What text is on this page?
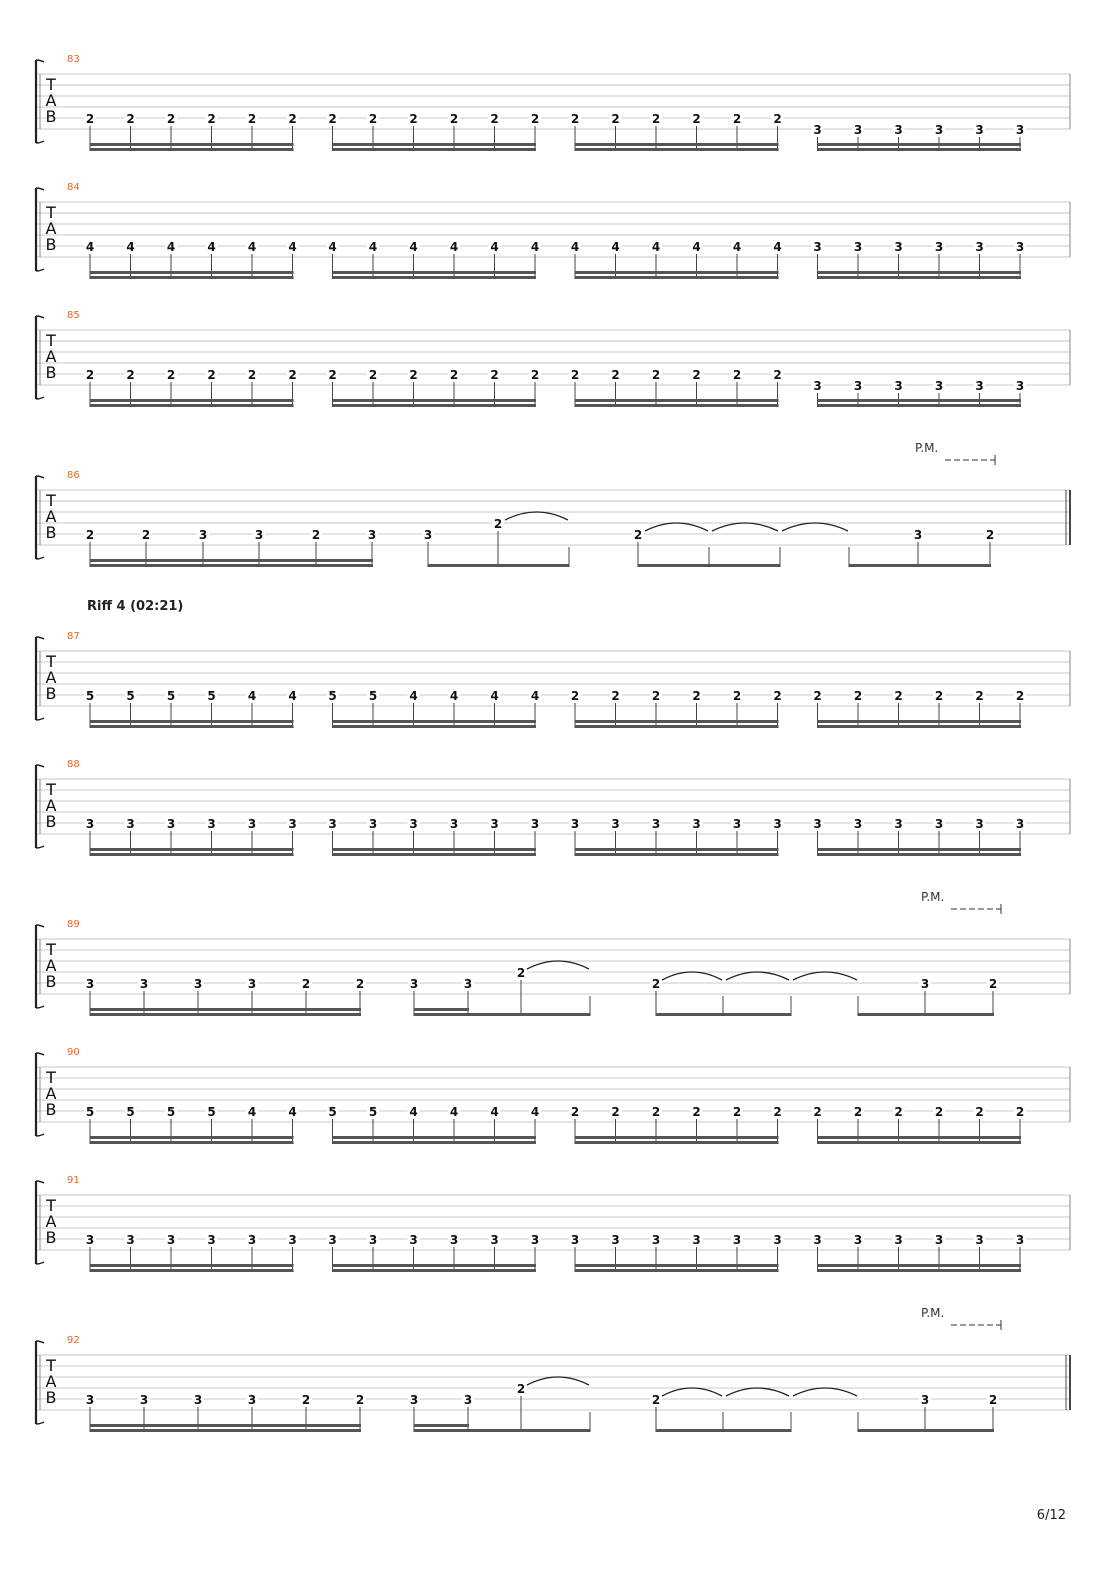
83
T
A
B 2	2	2	2	2	2	2	2	2	2	2	2	2	2	2	2	2	2
3	3	3	3	3	3
84
T
A
B 4	4	4	4	4	4	4	4	4	4	4	4	4	4	4	4	4	4	3	3	3	3	3	3
85
T
A
B 2	2	2	2	2	2	2	2	2	2	2	2	2	2	2	2	2	2
3	3	3	3	3	3
86
T
A
B
P.M.
2	2	3	3	2	3	3
2
2	3	2
87
Riff 4 (02:21)
T
A
B 5	5	5	5	4	4	5	5	4	4	4	4	2	2	2	2	2	2	2	2	2	2	2	2
88
T
A
B 3	3	3	3	3	3	3	3	3	3	3	3	3	3	3	3	3	3	3	3	3	3	3	3
89
T
A
B
P.M.
3	3	3	3	2	2	3	3
2
2	3	2
90
T
A
B 5	5	5	5	4	4	5	5	4	4	4	4	2	2	2	2	2	2	2	2	2	2	2	2
91
T
A
B 3	3	3	3	3	3	3	3	3	3	3	3	3	3	3	3	3	3	3	3	3	3	3	3
92
T
A
B
P.M.
3	3	3	3	2	2	3	3
2
2	3	2
6/12
